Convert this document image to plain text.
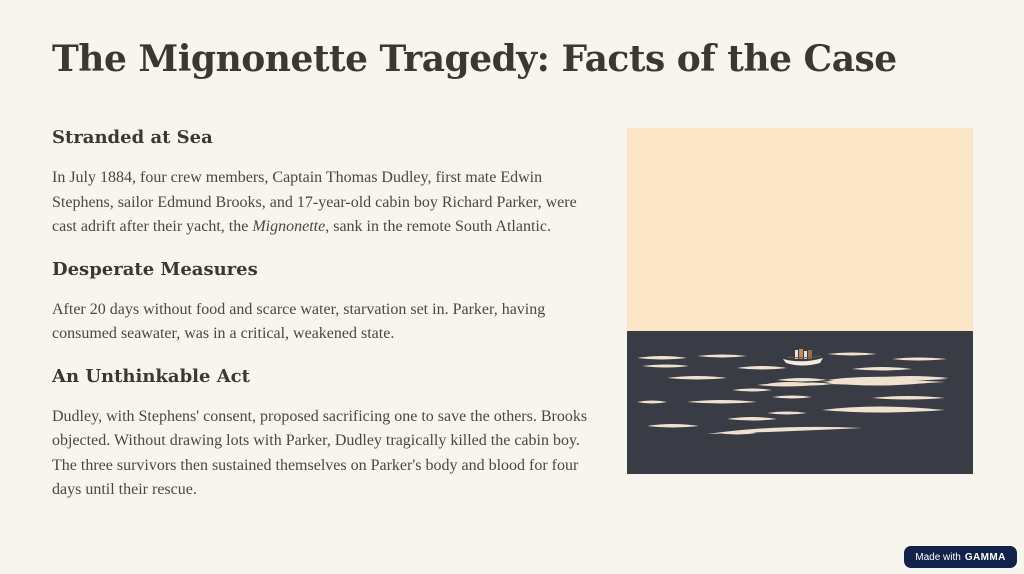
The Mignonette Tragedy: Facts of the Case
Stranded at Sea

In July 1884, four crew members, Captain Thomas Dudley, first mate Edwin Stephens, sailor Edmund Brooks, and 17-year-old cabin boy Richard Parker, were cast adrift after their yacht, the Mignonette, sank in the remote South Atlantic.

Desperate Measures

After 20 days without food and scarce water, starvation set in. Parker, having consumed seawater, was in a critical, weakened state.

An Unthinkable Act

Dudley, with Stephens' consent, proposed sacrificing one to save the others. Brooks objected. Without drawing lots with Parker, Dudley tragically killed the cabin boy. The three survivors then sustained themselves on Parker's body and blood for four days until their rescue.

Made with GAMMA
